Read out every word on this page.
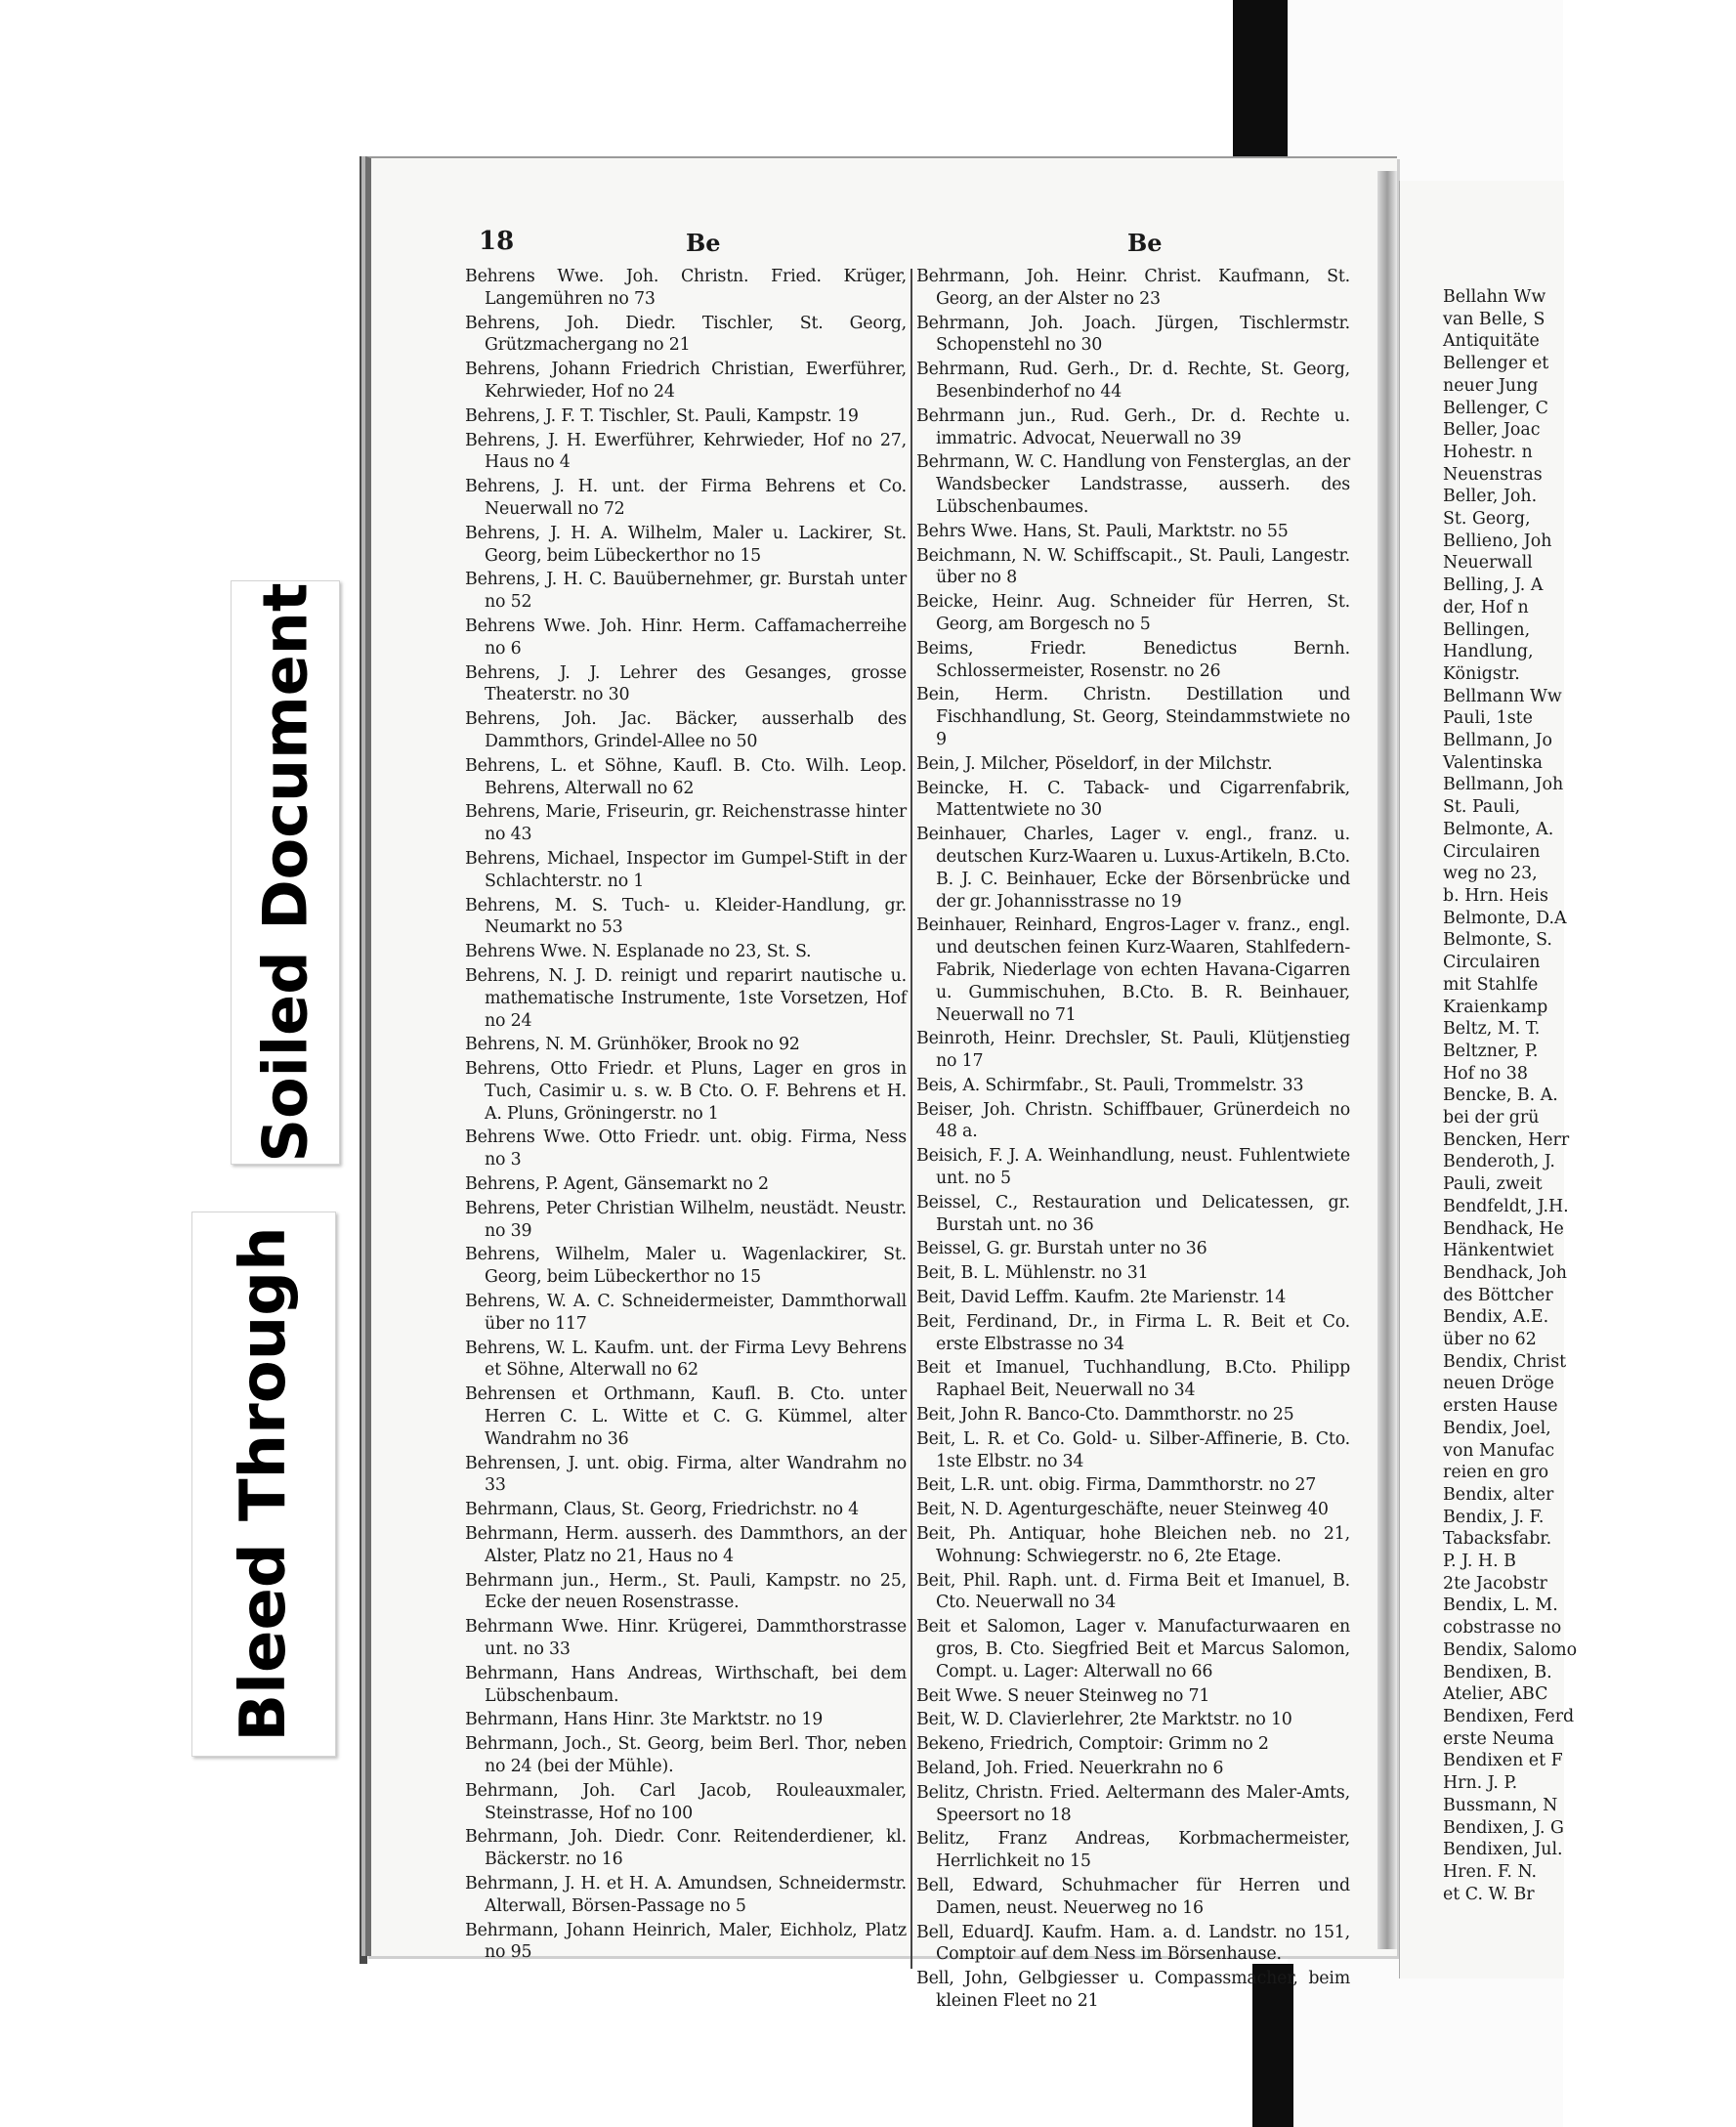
Bellahn Ww
van Belle, S
Antiquitäte
Bellenger et
neuer Jung
Bellenger, C
Beller, Joac
Hohestr. n
Neuenstras
Beller, Joh.
St. Georg,
Bellieno, Joh
Neuerwall
Belling, J. A
der, Hof n
Bellingen,
Handlung,
Königstr.
Bellmann Ww
Pauli, 1ste
Bellmann, Jo
Valentinska
Bellmann, Joh
St. Pauli,
Belmonte, A.
Circulairen
weg no 23,
b. Hrn. Heis
Belmonte, D.A
Belmonte, S.
Circulairen
mit Stahlfe
Kraienkamp
Beltz, M. T.
Beltzner, P.
Hof no 38
Bencke, B. A.
bei der grü
Bencken, Herr
Benderoth, J.
Pauli, zweit
Bendfeldt, J.H.
Bendhack, He
Hänkentwiet
Bendhack, Joh
des Böttcher
Bendix, A.E.
über no 62
Bendix, Christ
neuen Dröge
ersten Hause
Bendix, Joel,
von Manufac
reien en gro
Bendix, alter
Bendix, J. F.
Tabacksfabr.
P. J. H. B
2te Jacobstr
Bendix, L. M.
cobstrasse no
Bendix, Salomo
Bendixen, B.
Atelier, ABC
Bendixen, Ferd
erste Neuma
Bendixen et F
Hrn. J. P.
Bussmann, N
Bendixen, J. G
Bendixen, Jul.
Hren. F. N.
et C. W. Br
18	Be	Be
Behrens Wwe. Joh. Christn. Fried. Krüger, Langemühren no 73
Behrens, Joh. Diedr. Tischler, St. Georg, Grützmachergang no 21
Behrens, Johann Friedrich Christian, Ewerführer, Kehrwieder, Hof no 24
Behrens, J. F. T. Tischler, St. Pauli, Kampstr. 19
Behrens, J. H. Ewerführer, Kehrwieder, Hof no 27, Haus no 4
Behrens, J. H. unt. der Firma Behrens et Co. Neuerwall no 72
Behrens, J. H. A. Wilhelm, Maler u. Lackirer, St. Georg, beim Lübeckerthor no 15
Behrens, J. H. C. Bauübernehmer, gr. Burstah unter no 52
Behrens Wwe. Joh. Hinr. Herm. Caffamacherreihe no 6
Behrens, J. J. Lehrer des Gesanges, grosse Theaterstr. no 30
Behrens, Joh. Jac. Bäcker, ausserhalb des Dammthors, Grindel-Allee no 50
Behrens, L. et Söhne, Kaufl. B. Cto. Wilh. Leop. Behrens, Alterwall no 62
Behrens, Marie, Friseurin, gr. Reichenstrasse hinter no 43
Behrens, Michael, Inspector im Gumpel-Stift in der Schlachterstr. no 1
Behrens, M. S. Tuch- u. Kleider-Handlung, gr. Neumarkt no 53
Behrens Wwe. N. Esplanade no 23, St. S.
Behrens, N. J. D. reinigt und reparirt nautische u. mathematische Instrumente, 1ste Vorsetzen, Hof no 24
Behrens, N. M. Grünhöker, Brook no 92
Behrens, Otto Friedr. et Pluns, Lager en gros in Tuch, Casimir u. s. w. B Cto. O. F. Behrens et H. A. Pluns, Gröningerstr. no 1
Behrens Wwe. Otto Friedr. unt. obig. Firma, Ness no 3
Behrens, P. Agent, Gänsemarkt no 2
Behrens, Peter Christian Wilhelm, neustädt. Neustr. no 39
Behrens, Wilhelm, Maler u. Wagenlackirer, St. Georg, beim Lübeckerthor no 15
Behrens, W. A. C. Schneidermeister, Dammthorwall über no 117
Behrens, W. L. Kaufm. unt. der Firma Levy Behrens et Söhne, Alterwall no 62
Behrensen et Orthmann, Kaufl. B. Cto. unter Herren C. L. Witte et C. G. Kümmel, alter Wandrahm no 36
Behrensen, J. unt. obig. Firma, alter Wandrahm no 33
Behrmann, Claus, St. Georg, Friedrichstr. no 4
Behrmann, Herm. ausserh. des Dammthors, an der Alster, Platz no 21, Haus no 4
Behrmann jun., Herm., St. Pauli, Kampstr. no 25, Ecke der neuen Rosenstrasse.
Behrmann Wwe. Hinr. Krügerei, Dammthorstrasse unt. no 33
Behrmann, Hans Andreas, Wirthschaft, bei dem Lübschenbaum.
Behrmann, Hans Hinr. 3te Marktstr. no 19
Behrmann, Joch., St. Georg, beim Berl. Thor, neben no 24 (bei der Mühle).
Behrmann, Joh. Carl Jacob, Rouleauxmaler, Steinstrasse, Hof no 100
Behrmann, Joh. Diedr. Conr. Reitenderdiener, kl. Bäckerstr. no 16
Behrmann, J. H. et H. A. Amundsen, Schneidermstr. Alterwall, Börsen-Passage no 5
Behrmann, Johann Heinrich, Maler, Eichholz, Platz no 95
Behrmann, Joh. Heinr. Christ. Kaufmann, St. Georg, an der Alster no 23
Behrmann, Joh. Joach. Jürgen, Tischlermstr. Schopenstehl no 30
Behrmann, Rud. Gerh., Dr. d. Rechte, St. Georg, Besenbinderhof no 44
Behrmann jun., Rud. Gerh., Dr. d. Rechte u. immatric. Advocat, Neuerwall no 39
Behrmann, W. C. Handlung von Fensterglas, an der Wandsbecker Landstrasse, ausserh. des Lübschenbaumes.
Behrs Wwe. Hans, St. Pauli, Marktstr. no 55
Beichmann, N. W. Schiffscapit., St. Pauli, Langestr. über no 8
Beicke, Heinr. Aug. Schneider für Herren, St. Georg, am Borgesch no 5
Beims, Friedr. Benedictus Bernh. Schlossermeister, Rosenstr. no 26
Bein, Herm. Christn. Destillation und Fischhandlung, St. Georg, Steindammstwiete no 9
Bein, J. Milcher, Pöseldorf, in der Milchstr.
Beincke, H. C. Taback- und Cigarrenfabrik, Mattentwiete no 30
Beinhauer, Charles, Lager v. engl., franz. u. deutschen Kurz-Waaren u. Luxus-Artikeln, B.Cto. B. J. C. Beinhauer, Ecke der Börsenbrücke und der gr. Johannisstrasse no 19
Beinhauer, Reinhard, Engros-Lager v. franz., engl. und deutschen feinen Kurz-Waaren, Stahlfedern-Fabrik, Niederlage von echten Havana-Cigarren u. Gummischuhen, B.Cto. B. R. Beinhauer, Neuerwall no 71
Beinroth, Heinr. Drechsler, St. Pauli, Klütjenstieg no 17
Beis, A. Schirmfabr., St. Pauli, Trommelstr. 33
Beiser, Joh. Christn. Schiffbauer, Grünerdeich no 48 a.
Beisich, F. J. A. Weinhandlung, neust. Fuhlentwiete unt. no 5
Beissel, C., Restauration und Delicatessen, gr. Burstah unt. no 36
Beissel, G. gr. Burstah unter no 36
Beit, B. L. Mühlenstr. no 31
Beit, David Leffm. Kaufm. 2te Marienstr. 14
Beit, Ferdinand, Dr., in Firma L. R. Beit et Co. erste Elbstrasse no 34
Beit et Imanuel, Tuchhandlung, B.Cto. Philipp Raphael Beit, Neuerwall no 34
Beit, John R. Banco-Cto. Dammthorstr. no 25
Beit, L. R. et Co. Gold- u. Silber-Affinerie, B. Cto. 1ste Elbstr. no 34
Beit, L.R. unt. obig. Firma, Dammthorstr. no 27
Beit, N. D. Agenturgeschäfte, neuer Steinweg 40
Beit, Ph. Antiquar, hohe Bleichen neb. no 21, Wohnung: Schwiegerstr. no 6, 2te Etage.
Beit, Phil. Raph. unt. d. Firma Beit et Imanuel, B. Cto. Neuerwall no 34
Beit et Salomon, Lager v. Manufacturwaaren en gros, B. Cto. Siegfried Beit et Marcus Salomon, Compt. u. Lager: Alterwall no 66
Beit Wwe. S neuer Steinweg no 71
Beit, W. D. Clavierlehrer, 2te Marktstr. no 10
Bekeno, Friedrich, Comptoir: Grimm no 2
Beland, Joh. Fried. Neuerkrahn no 6
Belitz, Christn. Fried. Aeltermann des Maler-Amts, Speersort no 18
Belitz, Franz Andreas, Korbmachermeister, Herrlichkeit no 15
Bell, Edward, Schuhmacher für Herren und Damen, neust. Neuerweg no 16
Bell, EduardJ. Kaufm. Ham. a. d. Landstr. no 151, Comptoir auf dem Ness im Börsenhause.
Bell, John, Gelbgiesser u. Compassmacher, beim kleinen Fleet no 21
Soiled Document
Bleed Through
